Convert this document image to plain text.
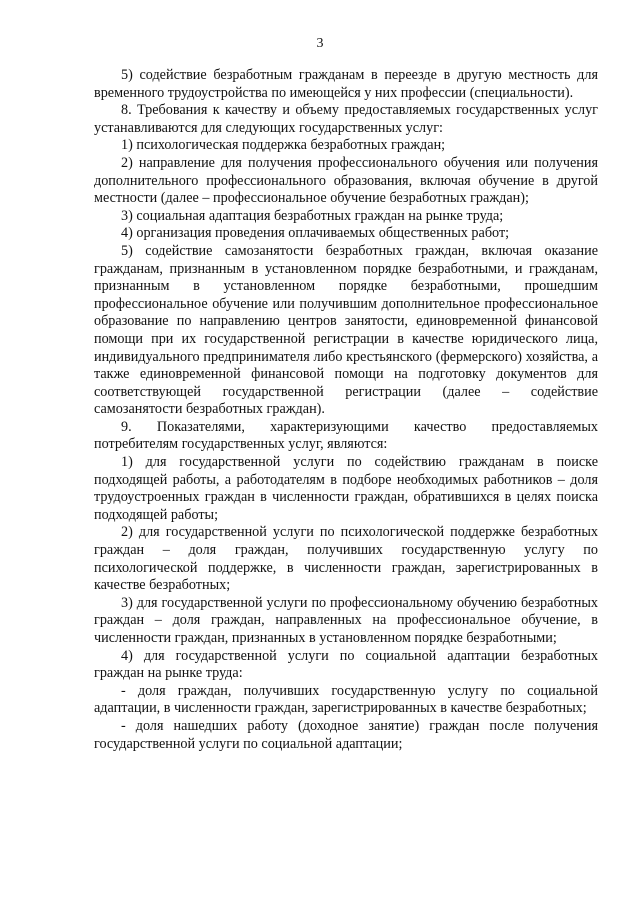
3

5) содействие безработным гражданам в переезде в другую местность для временного трудоустройства по имеющейся у них профессии (специальности).

8. Требования к качеству и объему предоставляемых государственных услуг устанавливаются для следующих государственных услуг:

1) психологическая поддержка безработных граждан;

2) направление для получения профессионального обучения или получения дополнительного профессионального образования, включая обучение в другой местности (далее – профессиональное обучение безработных граждан);

3) социальная адаптация безработных граждан на рынке труда;

4) организация проведения оплачиваемых общественных работ;

5) содействие самозанятости безработных граждан, включая оказание гражданам, признанным в установленном порядке безработными, и гражданам, признанным в установленном порядке безработными, прошедшим профессиональное обучение или получившим дополнительное профессиональное образование по направлению центров занятости, единовременной финансовой помощи при их государственной регистрации в качестве юридического лица, индивидуального предпринимателя либо крестьянского (фермерского) хозяйства, а также единовременной финансовой помощи на подготовку документов для соответствующей государственной регистрации (далее – содействие самозанятости безработных граждан).

9. Показателями, характеризующими качество предоставляемых потребителям государственных услуг, являются:

1) для государственной услуги по содействию гражданам в поиске подходящей работы, а работодателям в подборе необходимых работников – доля трудоустроенных граждан в численности граждан, обратившихся в целях поиска подходящей работы;

2) для государственной услуги по психологической поддержке безработных граждан – доля граждан, получивших государственную услугу по психологической поддержке, в численности граждан, зарегистрированных в качестве безработных;

3) для государственной услуги по профессиональному обучению безработных граждан – доля граждан, направленных на профессиональное обучение, в численности граждан, признанных в установленном порядке безработными;

4) для государственной услуги по социальной адаптации безработных граждан на рынке труда:

- доля граждан, получивших государственную услугу по социальной адаптации, в численности граждан, зарегистрированных в качестве безработных;

- доля нашедших работу (доходное занятие) граждан после получения государственной услуги по социальной адаптации;
